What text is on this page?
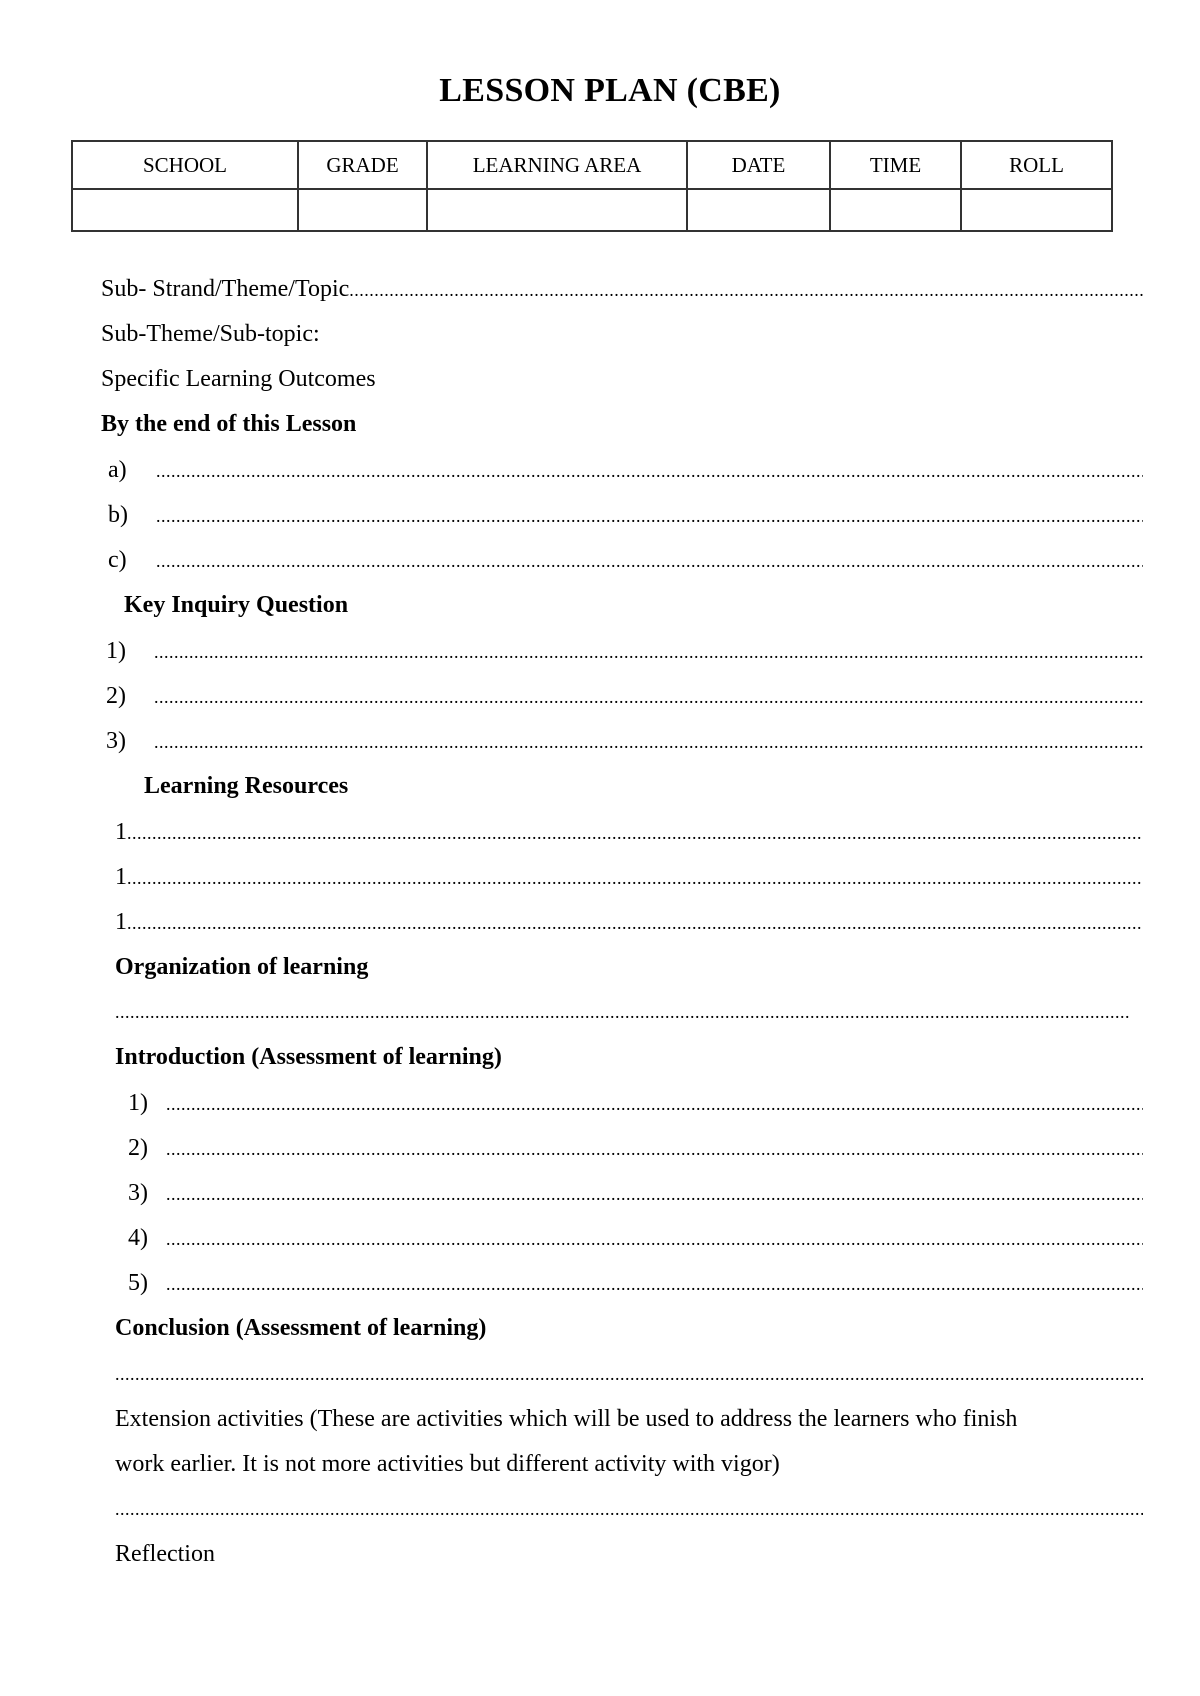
LESSON PLAN (CBE)
SCHOOL	GRADE	LEARNING AREA	DATE	TIME	ROLL

Sub- Strand/Theme/Topic
.....
Sub-Theme/Sub-topic:
Specific Learning Outcomes
By the end of this Lesson
a)
.....
b)
.....
c)
.....
Key Inquiry Question
1)
.....
2)
.....
3)
.....
Learning Resources
1
.....
1
.....
1
.....
Organization of learning
.....
Introduction (Assessment of learning)
1)
.....
2)
.....
3)
.....
4)
.....
5)
.....
Conclusion (Assessment of learning)
.....
Extension activities (These are activities which will be used to address the learners who finish
work earlier. It is not more activities but different activity with vigor)
.....
Reflection
